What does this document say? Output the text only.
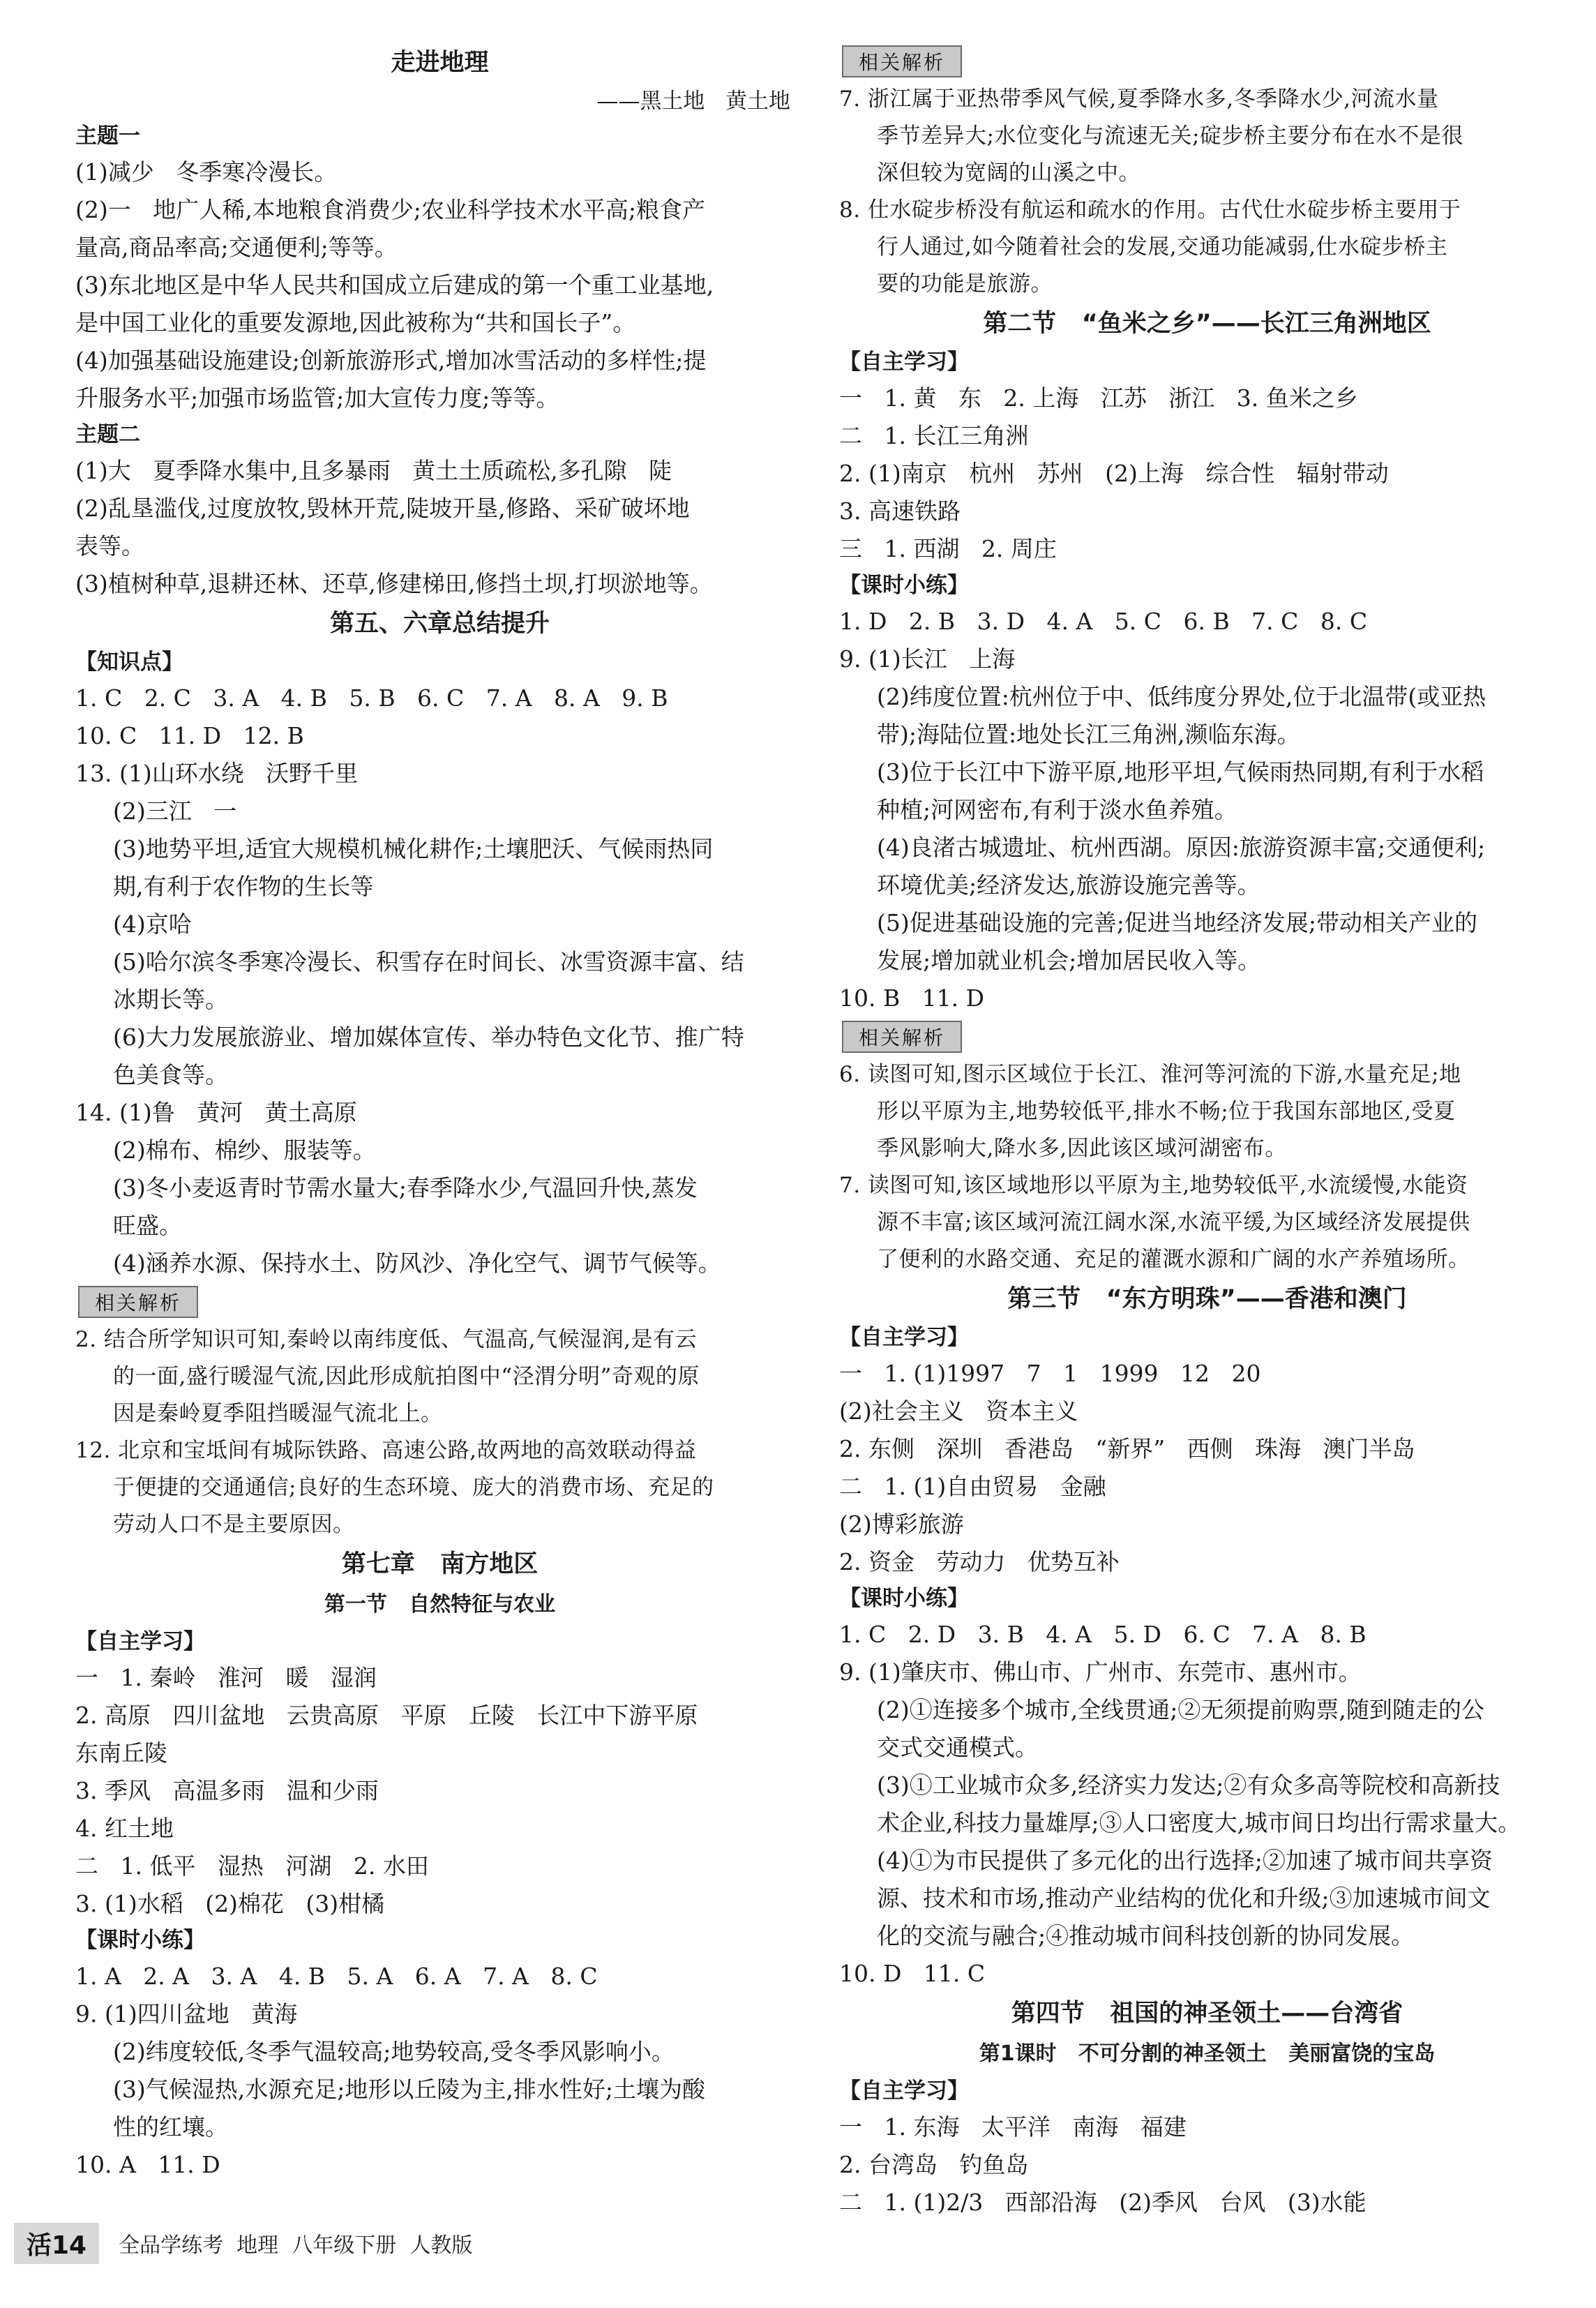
走进地理

——黑土地   黄土地

主题一

(1)减少   冬季寒冷漫长。

(2)一   地广人稀,本地粮食消费少;农业科学技术水平高;粮食产

量高,商品率高;交通便利;等等。

(3)东北地区是中华人民共和国成立后建成的第一个重工业基地,

是中国工业化的重要发源地,因此被称为“共和国长子”。

(4)加强基础设施建设;创新旅游形式,增加冰雪活动的多样性;提

升服务水平;加强市场监管;加大宣传力度;等等。

主题二

(1)大   夏季降水集中,且多暴雨   黄土土质疏松,多孔隙   陡

(2)乱垦滥伐,过度放牧,毁林开荒,陡坡开垦,修路、采矿破坏地

表等。

(3)植树种草,退耕还林、还草,修建梯田,修挡土坝,打坝淤地等。

第五、六章总结提升

【知识点】

1. C   2. C   3. A   4. B   5. B   6. C   7. A   8. A   9. B

10. C   11. D   12. B

13. (1)山环水绕   沃野千里

(2)三江   一

(3)地势平坦,适宜大规模机械化耕作;土壤肥沃、气候雨热同

期,有利于农作物的生长等

(4)京哈

(5)哈尔滨冬季寒冷漫长、积雪存在时间长、冰雪资源丰富、结

冰期长等。

(6)大力发展旅游业、增加媒体宣传、举办特色文化节、推广特

色美食等。

14. (1)鲁   黄河   黄土高原

(2)棉布、棉纱、服装等。

(3)冬小麦返青时节需水量大;春季降水少,气温回升快,蒸发

旺盛。

(4)涵养水源、保持水土、防风沙、净化空气、调节气候等。

相关解析

2. 结合所学知识可知,秦岭以南纬度低、气温高,气候湿润,是有云

的一面,盛行暖湿气流,因此形成航拍图中“泾渭分明”奇观的原

因是秦岭夏季阻挡暖湿气流北上。

12. 北京和宝坻间有城际铁路、高速公路,故两地的高效联动得益

于便捷的交通通信;良好的生态环境、庞大的消费市场、充足的

劳动人口不是主要原因。

第七章   南方地区

第一节   自然特征与农业

【自主学习】

一   1. 秦岭   淮河   暖   湿润

2. 高原   四川盆地   云贵高原   平原   丘陵   长江中下游平原

东南丘陵

3. 季风   高温多雨   温和少雨

4. 红土地

二   1. 低平   湿热   河湖   2. 水田

3. (1)水稻   (2)棉花   (3)柑橘

【课时小练】

1. A   2. A   3. A   4. B   5. A   6. A   7. A   8. C

9. (1)四川盆地   黄海

(2)纬度较低,冬季气温较高;地势较高,受冬季风影响小。

(3)气候湿热,水源充足;地形以丘陵为主,排水性好;土壤为酸

性的红壤。

10. A   11. D

相关解析

7. 浙江属于亚热带季风气候,夏季降水多,冬季降水少,河流水量

季节差异大;水位变化与流速无关;碇步桥主要分布在水不是很

深但较为宽阔的山溪之中。

8. 仕水碇步桥没有航运和疏水的作用。古代仕水碇步桥主要用于

行人通过,如今随着社会的发展,交通功能减弱,仕水碇步桥主

要的功能是旅游。

第二节   “鱼米之乡”——长江三角洲地区

【自主学习】

一   1. 黄   东   2. 上海   江苏   浙江   3. 鱼米之乡

二   1. 长江三角洲

2. (1)南京   杭州   苏州   (2)上海   综合性   辐射带动

3. 高速铁路

三   1. 西湖   2. 周庄

【课时小练】

1. D   2. B   3. D   4. A   5. C   6. B   7. C   8. C

9. (1)长江   上海

(2)纬度位置:杭州位于中、低纬度分界处,位于北温带(或亚热

带);海陆位置:地处长江三角洲,濒临东海。

(3)位于长江中下游平原,地形平坦,气候雨热同期,有利于水稻

种植;河网密布,有利于淡水鱼养殖。

(4)良渚古城遗址、杭州西湖。原因:旅游资源丰富;交通便利;

环境优美;经济发达,旅游设施完善等。

(5)促进基础设施的完善;促进当地经济发展;带动相关产业的

发展;增加就业机会;增加居民收入等。

10. B   11. D

相关解析

6. 读图可知,图示区域位于长江、淮河等河流的下游,水量充足;地

形以平原为主,地势较低平,排水不畅;位于我国东部地区,受夏

季风影响大,降水多,因此该区域河湖密布。

7. 读图可知,该区域地形以平原为主,地势较低平,水流缓慢,水能资

源不丰富;该区域河流江阔水深,水流平缓,为区域经济发展提供

了便利的水路交通、充足的灌溉水源和广阔的水产养殖场所。

第三节   “东方明珠”——香港和澳门

【自主学习】

一   1. (1)1997   7   1   1999   12   20

(2)社会主义   资本主义

2. 东侧   深圳   香港岛   “新界”   西侧   珠海   澳门半岛

二   1. (1)自由贸易   金融

(2)博彩旅游

2. 资金   劳动力   优势互补

【课时小练】

1. C   2. D   3. B   4. A   5. D   6. C   7. A   8. B

9. (1)肇庆市、佛山市、广州市、东莞市、惠州市。

(2)①连接多个城市,全线贯通;②无须提前购票,随到随走的公

交式交通模式。

(3)①工业城市众多,经济实力发达;②有众多高等院校和高新技

术企业,科技力量雄厚;③人口密度大,城市间日均出行需求量大。

(4)①为市民提供了多元化的出行选择;②加速了城市间共享资

源、技术和市场,推动产业结构的优化和升级;③加速城市间文

化的交流与融合;④推动城市间科技创新的协同发展。

10. D   11. C

第四节   祖国的神圣领土——台湾省

第1课时   不可分割的神圣领土   美丽富饶的宝岛

【自主学习】

一   1. 东海   太平洋   南海   福建

2. 台湾岛   钓鱼岛

二   1. (1)2/3   西部沿海   (2)季风   台风   (3)水能

活14	全品学练考  地理  八年级下册  人教版
